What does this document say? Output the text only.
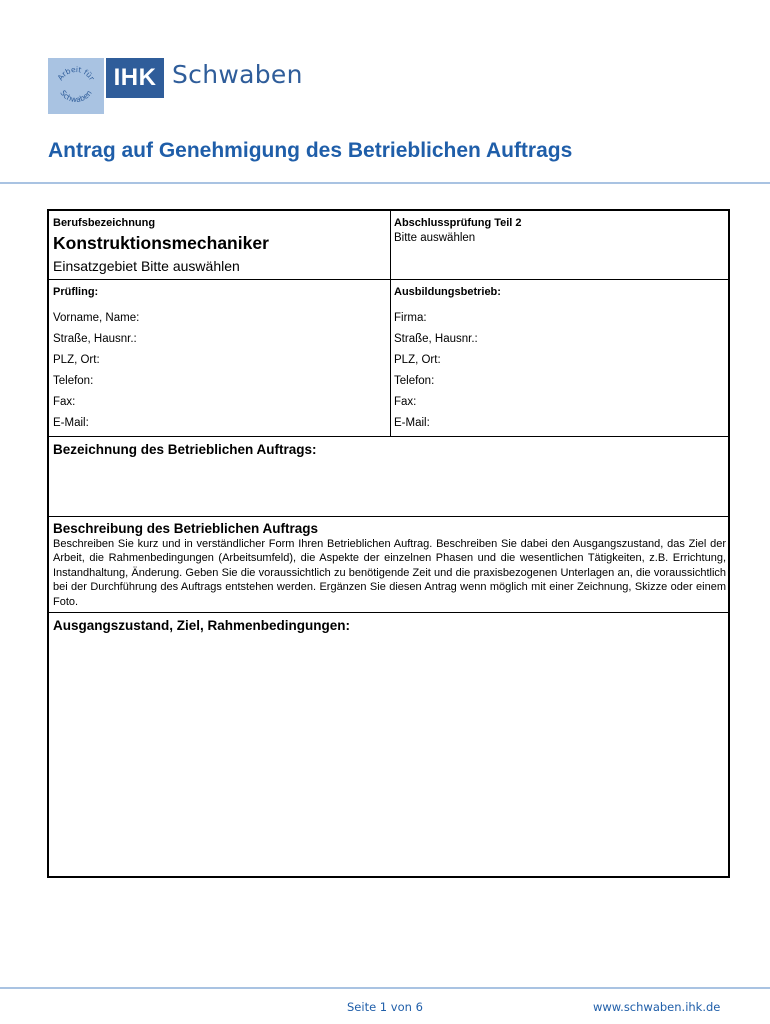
Arbeit für
Schwaben
IHK Schwaben
Antrag auf Genehmigung des Betrieblichen Auftrags
Berufsbezeichnung
Konstruktionsmechaniker
Einsatzgebiet Bitte auswählen
Abschlussprüfung Teil 2
Bitte auswählen
Prüfling:
Vorname, Name:
Straße, Hausnr.:
PLZ, Ort:
Telefon:
Fax:
E-Mail:
Ausbildungsbetrieb:
Firma:
Straße, Hausnr.:
PLZ, Ort:
Telefon:
Fax:
E-Mail:
Bezeichnung des Betrieblichen Auftrags:
Beschreibung des Betrieblichen Auftrags

Beschreiben Sie kurz und in verständlicher Form Ihren Betrieblichen Auftrag. Beschreiben Sie dabei den Ausgangszustand, das Ziel der Arbeit, die Rahmenbedingungen (Arbeitsumfeld), die Aspekte der einzelnen Phasen und die wesentlichen Tätigkeiten, z.B. Errichtung, Instandhaltung, Änderung. Geben Sie die voraussichtlich zu benötigende Zeit und die praxisbezogenen Unterlagen an, die voraussichtlich bei der Durchführung des Auftrags entstehen werden. Ergänzen Sie diesen Antrag wenn möglich mit einer Zeichnung, Skizze oder einem Foto.

Ausgangszustand, Ziel, Rahmenbedingungen:
Seite 1 von 6	www.schwaben.ihk.de
